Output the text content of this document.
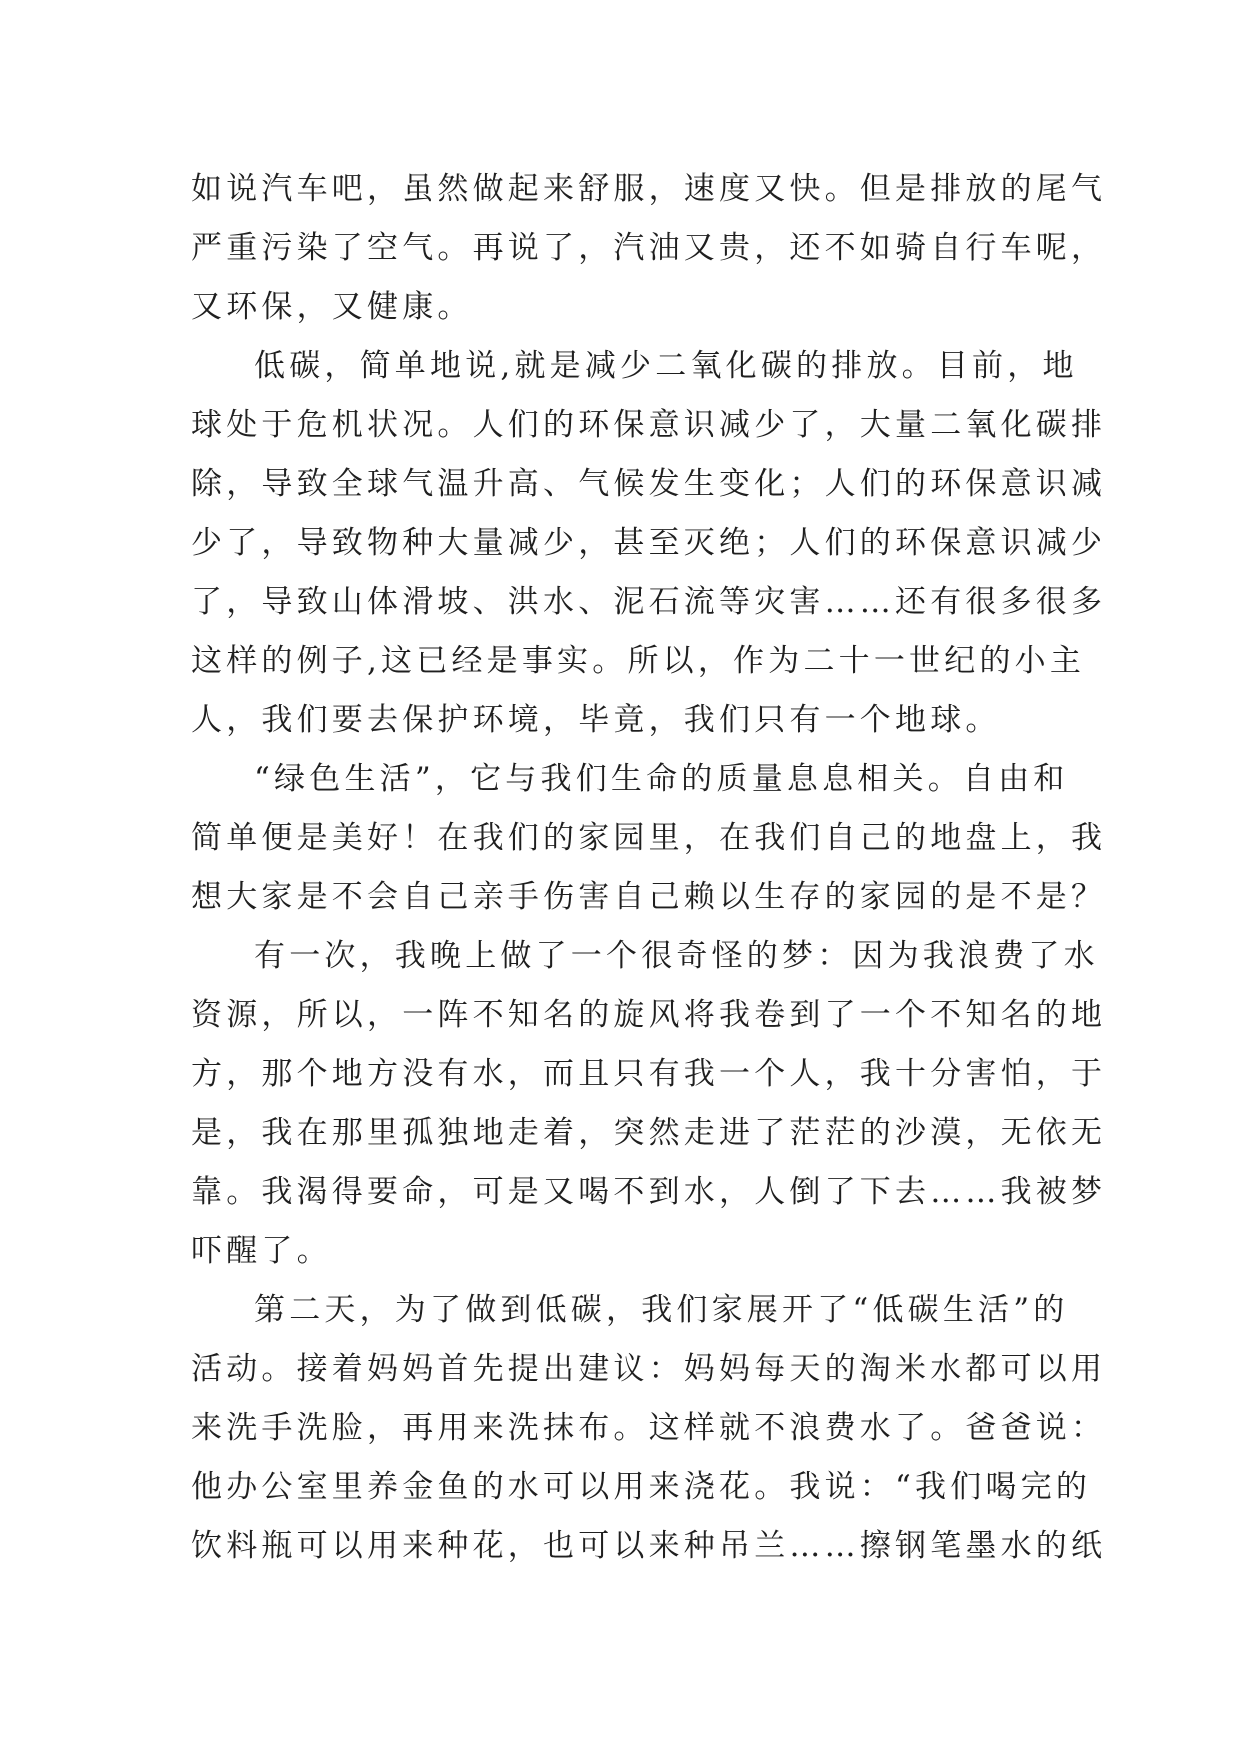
如说汽车吧，虽然做起来舒服，速度又快。但是排放的尾气
严重污染了空气。再说了，汽油又贵，还不如骑自行车呢，
又环保，又健康。
低碳，简单地说,就是减少二氧化碳的排放。目前，地
球处于危机状况。人们的环保意识减少了，大量二氧化碳排
除，导致全球气温升高、气候发生变化；人们的环保意识减
少了，导致物种大量减少，甚至灭绝；人们的环保意识减少
了，导致山体滑坡、洪水、泥石流等灾害……还有很多很多
这样的例子,这已经是事实。所以，作为二十一世纪的小主
人，我们要去保护环境，毕竟，我们只有一个地球。
“绿色生活”，它与我们生命的质量息息相关。自由和
简单便是美好！在我们的家园里，在我们自己的地盘上，我
想大家是不会自己亲手伤害自己赖以生存的家园的是不是？
有一次，我晚上做了一个很奇怪的梦：因为我浪费了水
资源，所以，一阵不知名的旋风将我卷到了一个不知名的地
方，那个地方没有水，而且只有我一个人，我十分害怕，于
是，我在那里孤独地走着，突然走进了茫茫的沙漠，无依无
靠。我渴得要命，可是又喝不到水，人倒了下去……我被梦
吓醒了。
第二天，为了做到低碳，我们家展开了“低碳生活”的
活动。接着妈妈首先提出建议：妈妈每天的淘米水都可以用
来洗手洗脸，再用来洗抹布。这样就不浪费水了。爸爸说：
他办公室里养金鱼的水可以用来浇花。我说：“我们喝完的
饮料瓶可以用来种花，也可以来种吊兰……擦钢笔墨水的纸
